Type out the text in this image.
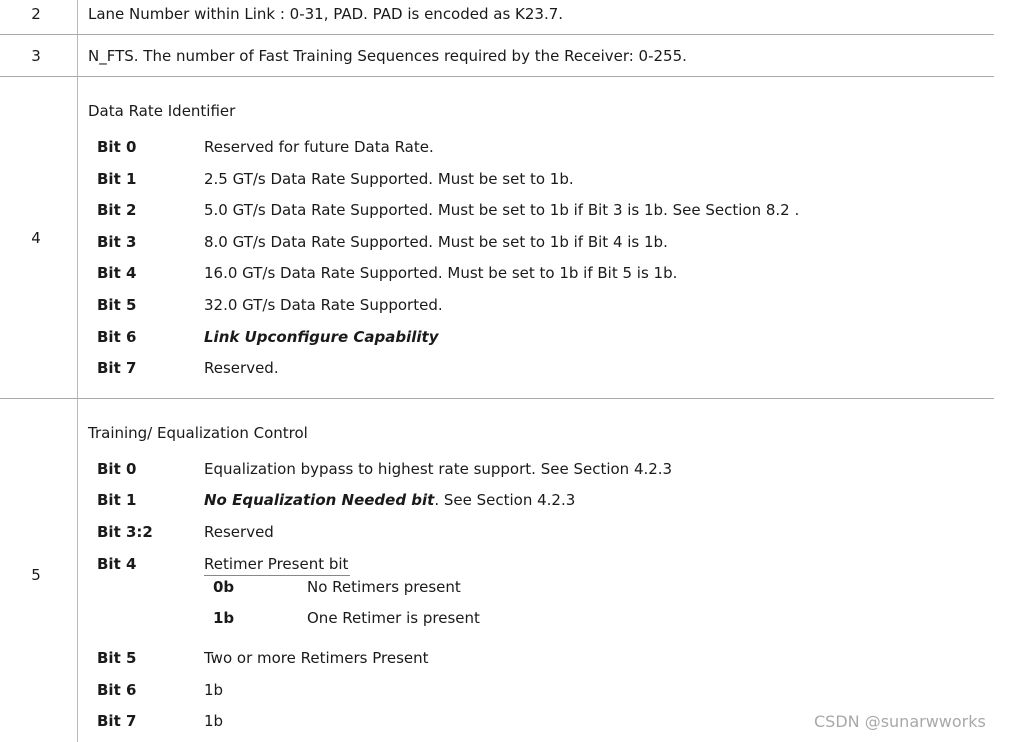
2	Lane Number within Link : 0-31, PAD. PAD is encoded as K23.7.
3	N_FTS. The number of Fast Training Sequences required by the Receiver: 0-255.
4
Data Rate Identifier
Bit 0	Reserved for future Data Rate.
Bit 1	2.5 GT/s Data Rate Supported. Must be set to 1b.
Bit 2	5.0 GT/s Data Rate Supported. Must be set to 1b if Bit 3 is 1b. See Section 8.2 .
Bit 3	8.0 GT/s Data Rate Supported. Must be set to 1b if Bit 4 is 1b.
Bit 4	16.0 GT/s Data Rate Supported. Must be set to 1b if Bit 5 is 1b.
Bit 5	32.0 GT/s Data Rate Supported.
Bit 6	Link Upconfigure Capability
Bit 7	Reserved.
5
Training/ Equalization Control
Bit 0	Equalization bypass to highest rate support. See Section 4.2.3
Bit 1	No Equalization Needed bit. See Section 4.2.3
Bit 3:2	Reserved
Bit 4	Retimer Present bit
0b	No Retimers present
1b	One Retimer is present
Bit 5	Two or more Retimers Present
Bit 6	1b
Bit 7	1b	CSDN @sunarwworks
